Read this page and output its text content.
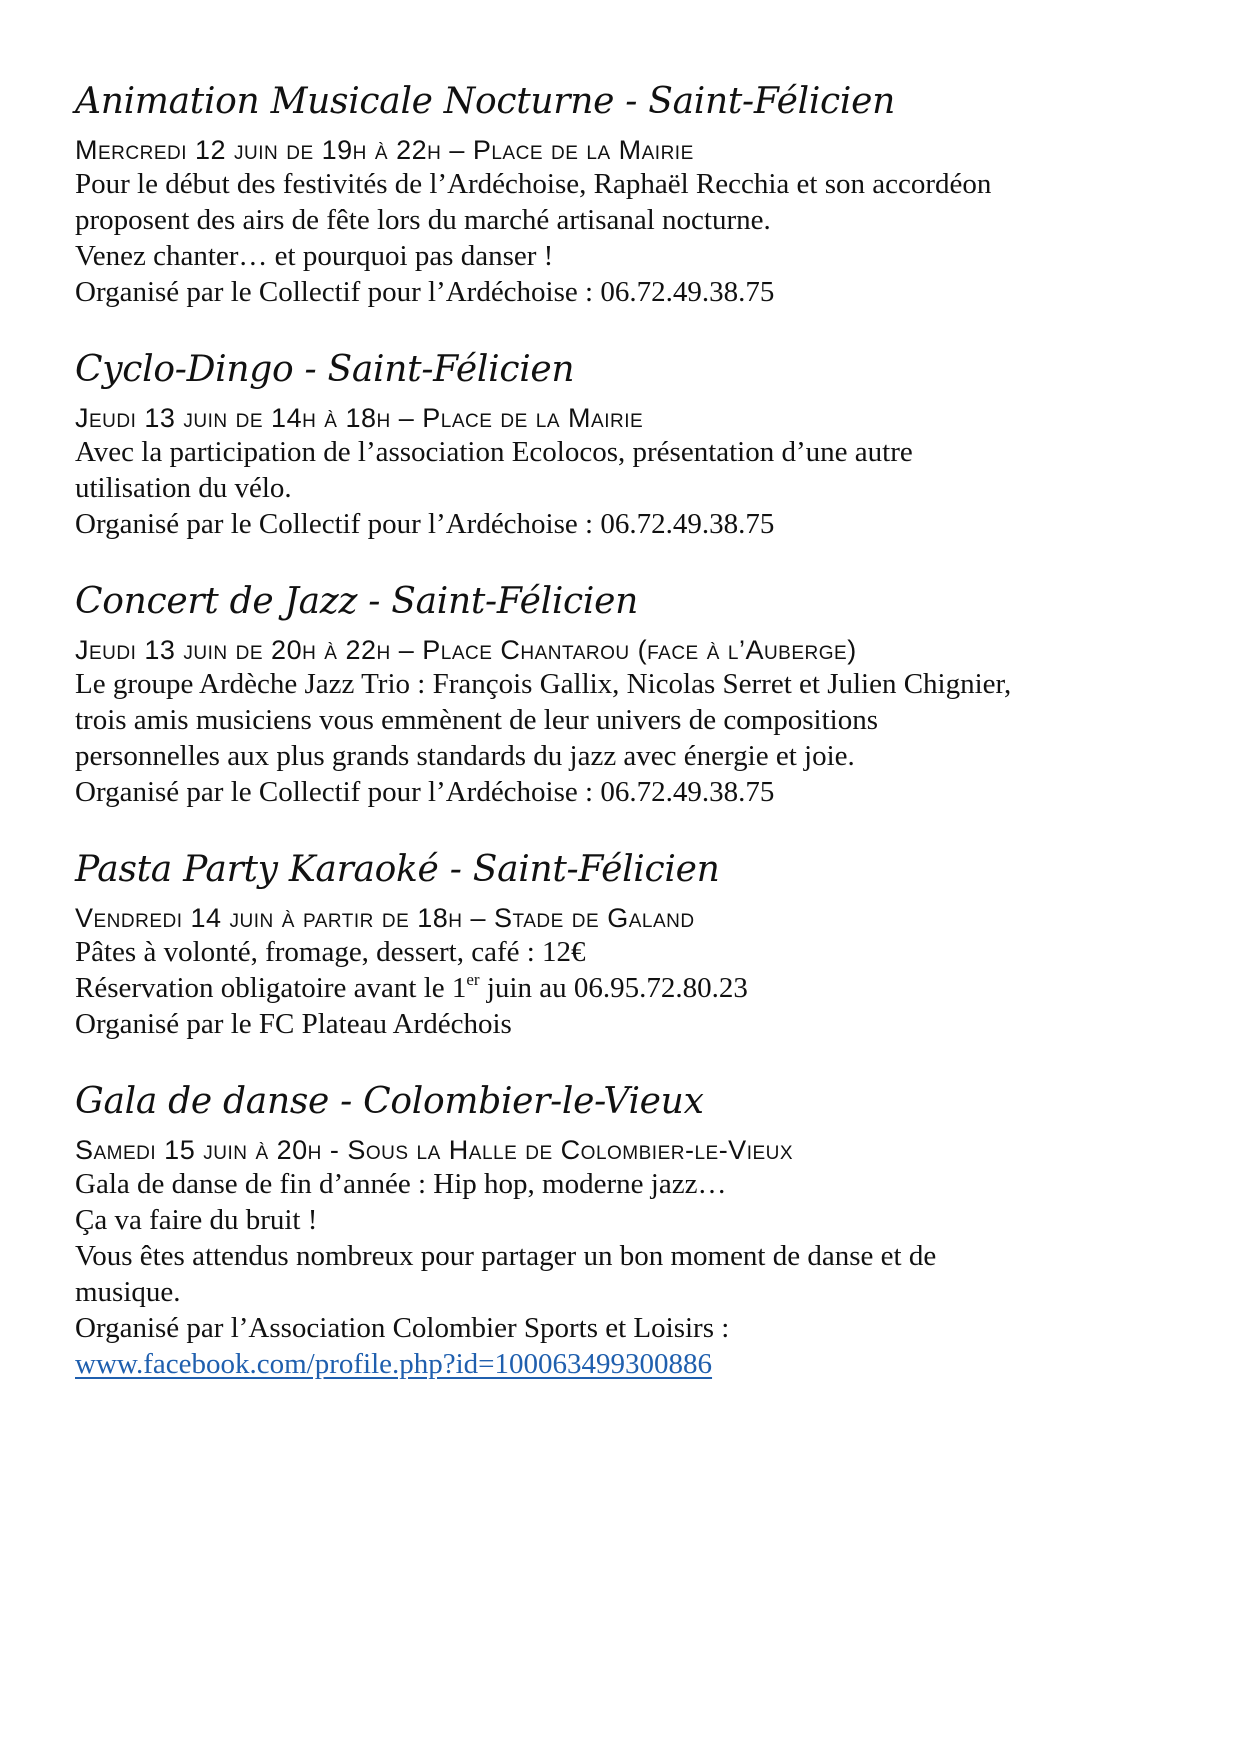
Animation Musicale Nocturne - Saint-Félicien

Mercredi 12 juin de 19h à 22h – Place de la Mairie

Pour le début des festivités de l’Ardéchoise, Raphaël Recchia et son accordéon

proposent des airs de fête lors du marché artisanal nocturne.

Venez chanter… et pourquoi pas danser !

Organisé par le Collectif pour l’Ardéchoise : 06.72.49.38.75

Cyclo-Dingo - Saint-Félicien

Jeudi 13 juin de 14h à 18h – Place de la Mairie

Avec la participation de l’association Ecolocos, présentation d’une autre

utilisation du vélo.

Organisé par le Collectif pour l’Ardéchoise : 06.72.49.38.75

Concert de Jazz - Saint-Félicien

Jeudi 13 juin de 20h à 22h – Place Chantarou (face à l’Auberge)

Le groupe Ardèche Jazz Trio : François Gallix, Nicolas Serret et Julien Chignier,

trois amis musiciens vous emmènent de leur univers de compositions

personnelles aux plus grands standards du jazz avec énergie et joie.

Organisé par le Collectif pour l’Ardéchoise : 06.72.49.38.75

Pasta Party Karaoké - Saint-Félicien

Vendredi 14 juin à partir de 18h – Stade de Galand

Pâtes à volonté, fromage, dessert, café : 12€

Réservation obligatoire avant le 1er juin au 06.95.72.80.23

Organisé par le FC Plateau Ardéchois

Gala de danse - Colombier-le-Vieux

Samedi 15 juin à 20h - Sous la Halle de Colombier-le-Vieux

Gala de danse de fin d’année : Hip hop, moderne jazz…

Ça va faire du bruit !

Vous êtes attendus nombreux pour partager un bon moment de danse et de

musique.

Organisé par l’Association Colombier Sports et Loisirs :

www.facebook.com/profile.php?id=100063499300886
